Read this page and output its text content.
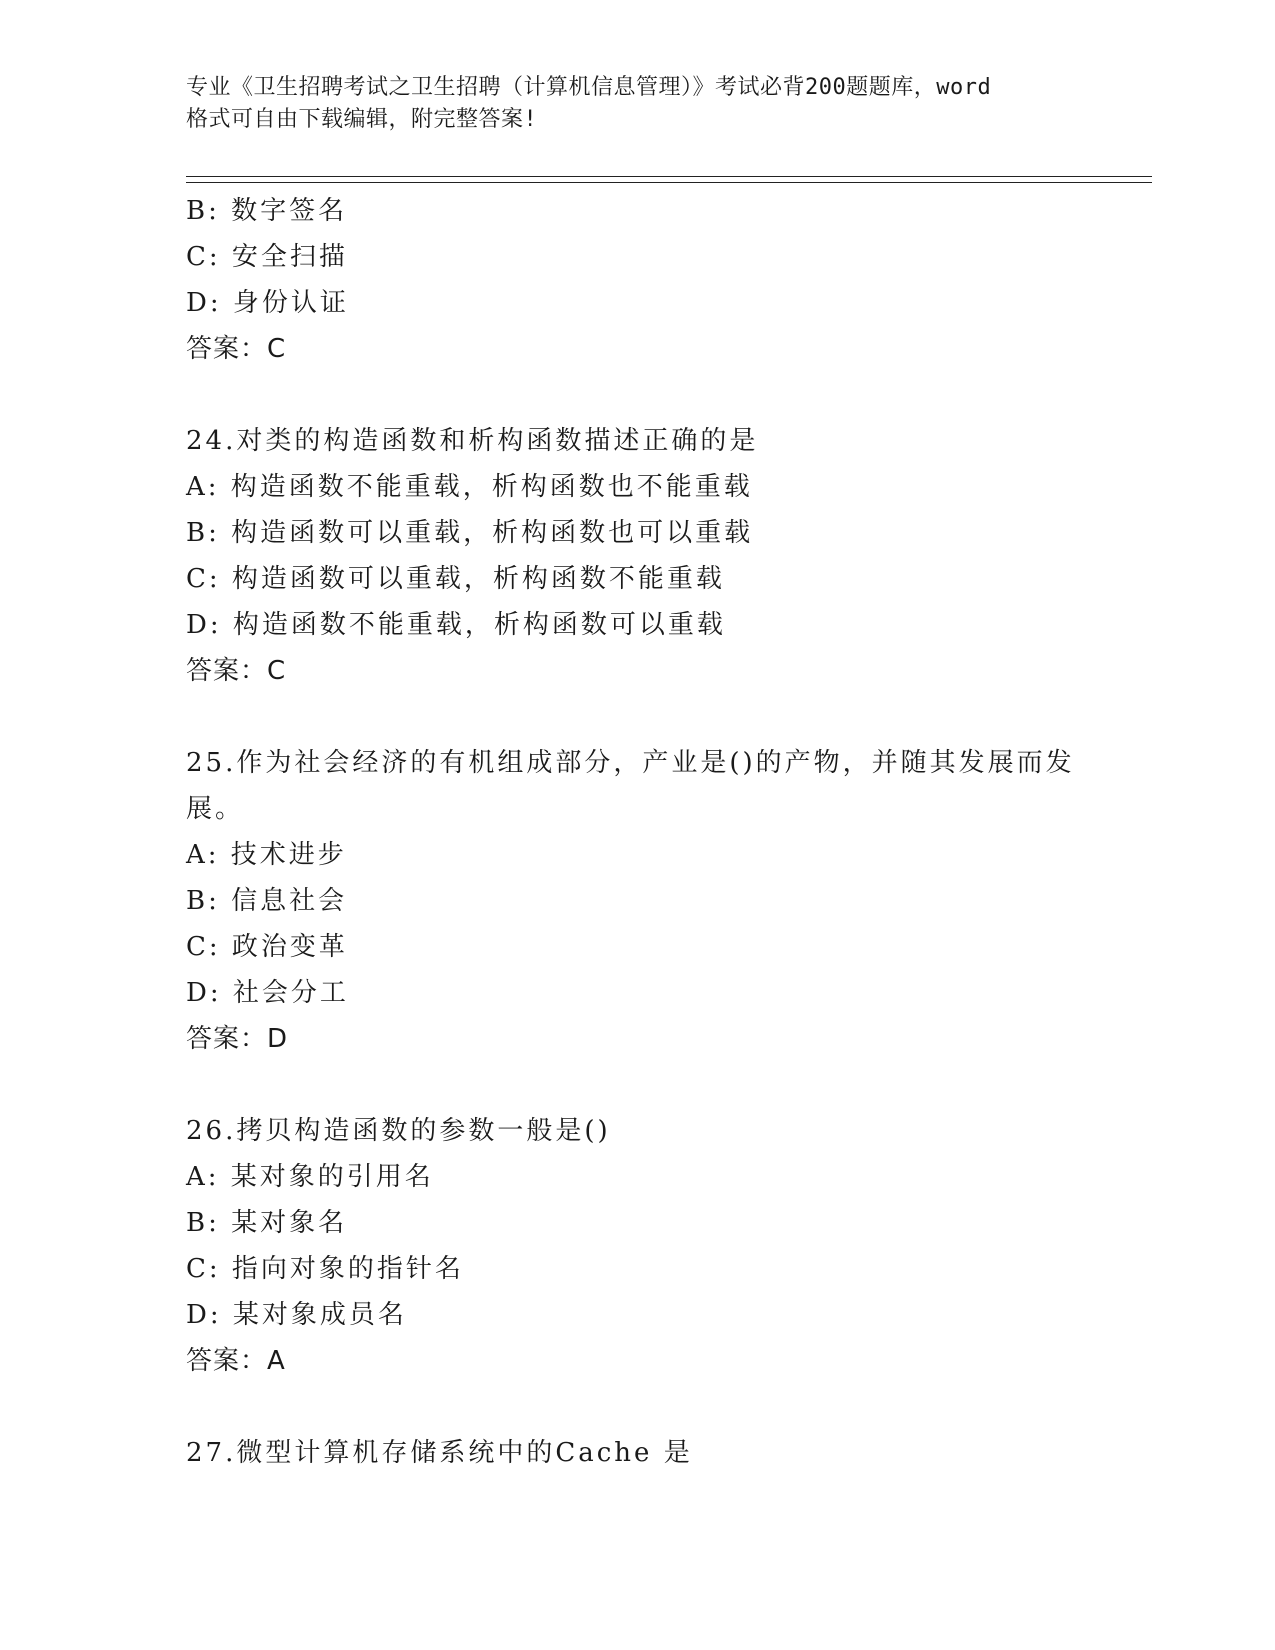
专业《卫生招聘考试之卫生招聘（计算机信息管理）》考试必背200题题库，word
格式可自由下载编辑，附完整答案!
B: 数字签名
C: 安全扫描
D: 身份认证
答案：C
24.对类的构造函数和析构函数描述正确的是
A: 构造函数不能重载，析构函数也不能重载
B: 构造函数可以重载，析构函数也可以重载
C: 构造函数可以重载，析构函数不能重载
D: 构造函数不能重载，析构函数可以重载
答案：C
25.作为社会经济的有机组成部分，产业是()的产物，并随其发展而发
展。
A: 技术进步
B: 信息社会
C: 政治变革
D: 社会分工
答案：D
26.拷贝构造函数的参数一般是()
A: 某对象的引用名
B: 某对象名
C: 指向对象的指针名
D: 某对象成员名
答案：A
27.微型计算机存储系统中的Cache 是
